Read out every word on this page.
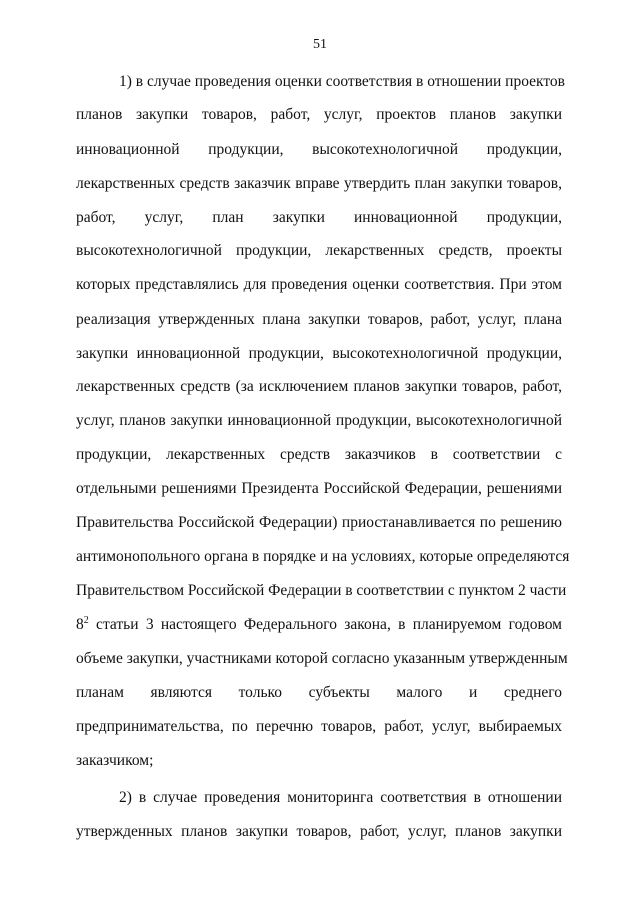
51
1) в случае проведения оценки соответствия в отношении проектов
планов закупки товаров, работ, услуг, проектов планов закупки
инновационной продукции, высокотехнологичной продукции,
лекарственных средств заказчик вправе утвердить план закупки товаров,
работ, услуг, план закупки инновационной продукции,
высокотехнологичной продукции, лекарственных средств, проекты
которых представлялись для проведения оценки соответствия. При этом
реализация утвержденных плана закупки товаров, работ, услуг, плана
закупки инновационной продукции, высокотехнологичной продукции,
лекарственных средств (за исключением планов закупки товаров, работ,
услуг, планов закупки инновационной продукции, высокотехнологичной
продукции, лекарственных средств заказчиков в соответствии с
отдельными решениями Президента Российской Федерации, решениями
Правительства Российской Федерации) приостанавливается по решению
антимонопольного органа в порядке и на условиях, которые определяются
Правительством Российской Федерации в соответствии с пунктом 2 части
$8^2$ статьи 3 настоящего Федерального закона, в планируемом годовом
объеме закупки, участниками которой согласно указанным утвержденным
планам являются только субъекты малого и среднего
предпринимательства, по перечню товаров, работ, услуг, выбираемых
заказчиком;
2) в случае проведения мониторинга соответствия в отношении
утвержденных планов закупки товаров, работ, услуг, планов закупки
